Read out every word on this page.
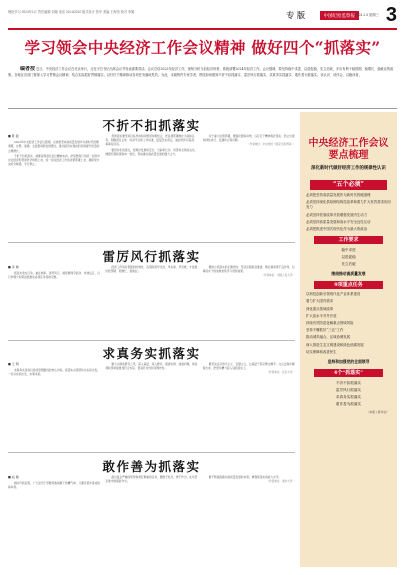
理论学习 2024年1月 责任编辑 刘瑞 电话 010-82010 版式设计 张华 美编 王海英 校对 李娟	专 版	中国纪检监察报 2024.1.3 星期三 3
学习领会中央经济工作会议精神 做好四个“抓落实”
编者按 近日，中央经济工作会议在北京举行，习近平总书记出席会议并发表重要讲话。会议总结2023年经济工作，深刻分析当前经济形势，系统部署2024年经济工作。会议强调，要坚持稳中求进、以进促稳、先立后破，多出有利于稳预期、稳增长、稳就业的政策。各地区各部门要深入学习贯彻会议精神，结合实际抓好贯彻落实，以钉钉子精神推动各项任务落地见效。为此，本版特约专家学者，围绕如何做到不折不扣抓落实、雷厉风行抓落实、求真务实抓落实、敢作善为抓落实，谈认识、谈体会，以飨读者。
不折不扣抓落实
■ 陈 振
2023年中央经济工作会议强调，必须把坚持高质量发展作为新时代的硬道理，完整、准确、全面贯彻新发展理念，推动经济实现质的有效提升和量的合理增长。
不折不扣抓落实，就要深刻领会会议精神实质，把思想和行动统一到党中央对经济形势的科学判断上来，统一到对经济工作的决策部署上来，确保党中央政令畅通、令行禁止。
贯彻落实要坚持目标导向和问题导向相结合，把各项部署细化为具体任务，明确责任主体、时间节点和工作标准，层层压实责任，做到件件有着落、事事有回音。
要坚持系统观念，统筹好发展和安全、当前和长远、局部和全局的关系，增强宏观政策取向一致性，形成推动高质量发展的强大合力。
对于重大决策部署，要强化跟踪问效，以钉钉子精神抓好落实，防止出现选择性执行、变通执行等问题。
（作者单位：中央党校（国家行政学院））
雷厉风行抓落实
■ 李 晓
抓落实贵在行动、重在效率。雷厉风行，就是要闻令而动、快速反应，以只争朝夕的紧迫感推动各项任务落地见效。
经济工作具有很强的时效性，各项政策早出台、早实施、早见效，才能更好稳预期、稳增长、稳就业。
要树立抓落实的正确导向，坚决克服拖沓推诿、敷衍塞责等不良作风，以真抓实干的成效检验学习贯彻成果。
（作者单位：中国人民大学）
求真务实抓落实
■ 王 明
求真务实是我们党的思想路线的核心内容。抓落实必须坚持从实际出发，一切从实际出发、实事求是。
要大兴调查研究之风，深入基层、深入群众，摸清实情、找准问题，使各项政策举措更加符合实际、更具针对性和可操作性。
要坚决反对形式主义、官僚主义，让基层干部从繁文缛节、文山会海中解脱出来，把更多精力投入到抓落实上。
（作者单位：北京大学）
敢作善为抓落实
■ 赵 刚
新时代新征程，广大党员干部要有敢闯敢干的精气神，又要有善作善成的真本领。
面对复杂严峻的形势和艰巨繁重的任务，要敢于担当、勇于作为，在攻坚克难中展现新作为。
要不断提高推动高质量发展的本领，增强抓落实的能力水平。
（作者单位：清华大学）
中央经济工作会议要点梳理
深化新时代做好经济工作的规律性认识
“五个必须”
必须把坚持高质量发展作为新时代的硬道理
必须坚持深化供给侧结构性改革和着力扩大有效需求协同发力
必须坚持依靠改革开放增强发展内生动力
必须坚持高质量发展和高水平安全良性互动
必须把推进中国式现代化作为最大的政治
工作要求
稳中求进
以进促稳
先立后破
围绕推动高质量发展
9项重点任务
以科技创新引领现代化产业体系建设
着力扩大国内需求
深化重点领域改革
扩大高水平对外开放
持续有效防范化解重点领域风险
坚持不懈抓好“三农”工作
推动城乡融合、区域协调发展
深入推进生态文明建设和绿色低碳发展
切实保障和改善民生
坚持和加强党的全面领导
4个“抓落实”
不折不扣抓落实
雷厉风行抓落实
求真务实抓落实
敢作善为抓落实
（本版 / 新华社）
